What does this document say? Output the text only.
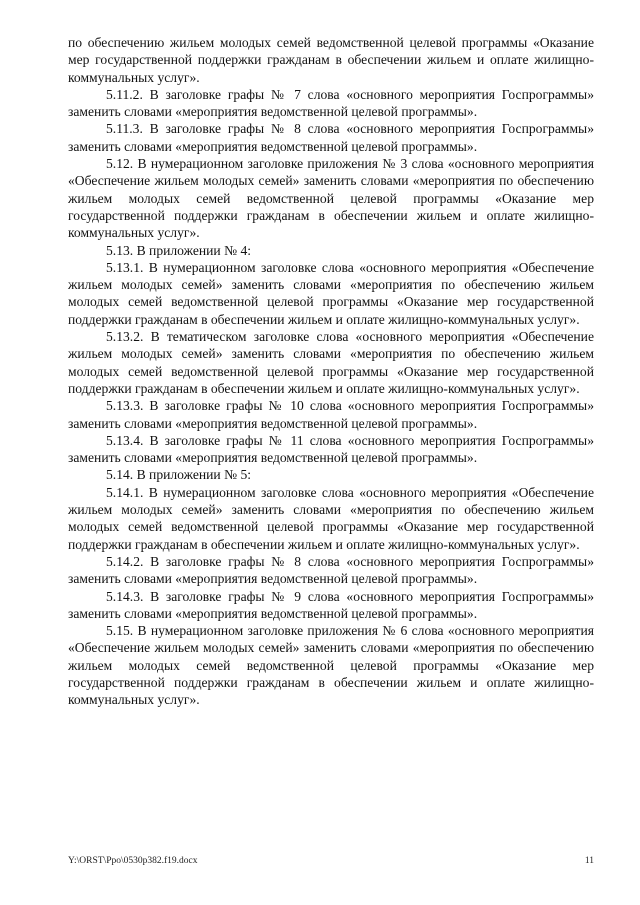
по обеспечению жильем молодых семей ведомственной целевой программы «Оказание мер государственной поддержки гражданам в обеспечении жильем и оплате жилищно-коммунальных услуг».

5.11.2. В заголовке графы № 7 слова «основного мероприятия Госпрограммы» заменить словами «мероприятия ведомственной целевой программы».

5.11.3. В заголовке графы № 8 слова «основного мероприятия Госпрограммы» заменить словами «мероприятия ведомственной целевой программы».

5.12. В нумерационном заголовке приложения № 3 слова «основного мероприятия «Обеспечение жильем молодых семей» заменить словами «мероприятия по обеспечению жильем молодых семей ведомственной целевой программы «Оказание мер государственной поддержки гражданам в обеспечении жильем и оплате жилищно-коммунальных услуг».

5.13. В приложении № 4:

5.13.1. В нумерационном заголовке слова «основного мероприятия «Обеспечение жильем молодых семей» заменить словами «мероприятия по обеспечению жильем молодых семей ведомственной целевой программы «Оказание мер государственной поддержки гражданам в обеспечении жильем и оплате жилищно-коммунальных услуг».

5.13.2. В тематическом заголовке слова «основного мероприятия «Обеспечение жильем молодых семей» заменить словами «мероприятия по обеспечению жильем молодых семей ведомственной целевой программы «Оказание мер государственной поддержки гражданам в обеспечении жильем и оплате жилищно-коммунальных услуг».

5.13.3. В заголовке графы № 10 слова «основного мероприятия Госпрограммы» заменить словами «мероприятия ведомственной целевой программы».

5.13.4. В заголовке графы № 11 слова «основного мероприятия Госпрограммы» заменить словами «мероприятия ведомственной целевой программы».

5.14. В приложении № 5:

5.14.1. В нумерационном заголовке слова «основного мероприятия «Обеспечение жильем молодых семей» заменить словами «мероприятия по обеспечению жильем молодых семей ведомственной целевой программы «Оказание мер государственной поддержки гражданам в обеспечении жильем и оплате жилищно-коммунальных услуг».

5.14.2. В заголовке графы № 8 слова «основного мероприятия Госпрограммы» заменить словами «мероприятия ведомственной целевой программы».

5.14.3. В заголовке графы № 9 слова «основного мероприятия Госпрограммы» заменить словами «мероприятия ведомственной целевой программы».

5.15. В нумерационном заголовке приложения № 6 слова «основного мероприятия «Обеспечение жильем молодых семей» заменить словами «мероприятия по обеспечению жильем молодых семей ведомственной целевой программы «Оказание мер государственной поддержки гражданам в обеспечении жильем и оплате жилищно-коммунальных услуг».

Y:\ORST\Ppo\0530p382.f19.docx	11
